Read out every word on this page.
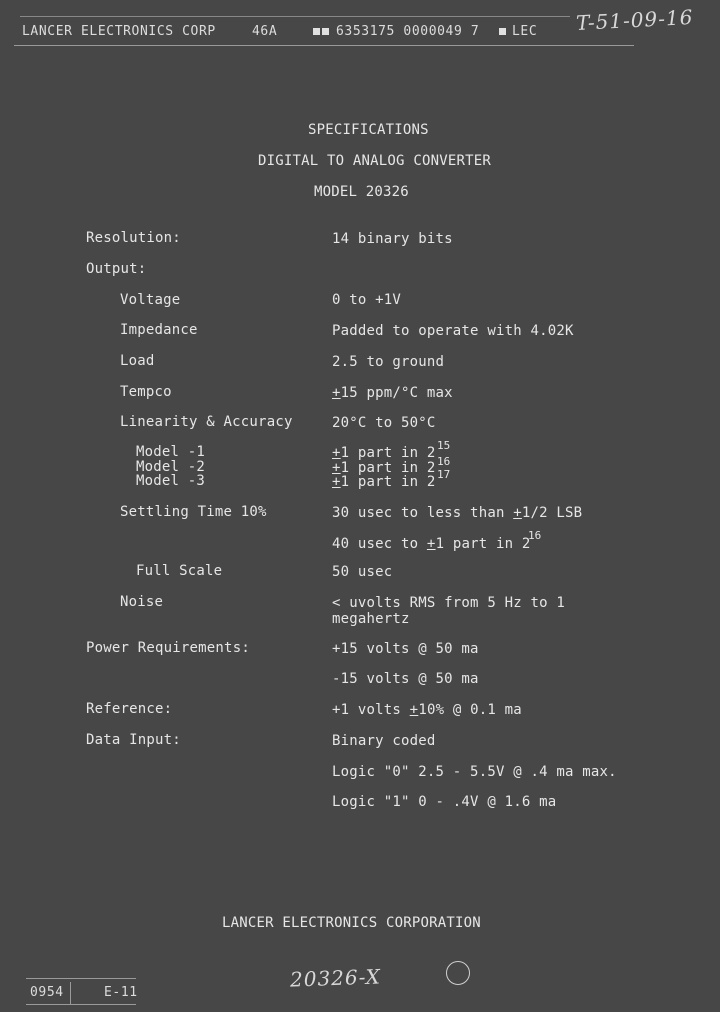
LANCER ELECTRONICS CORP	46A	6353175 0000049 7	LEC T-51-09-16
SPECIFICATIONS
DIGITAL TO ANALOG CONVERTER
MODEL 20326
Resolution:	14 binary bits
Output:
Voltage	0 to +1V
Impedance	Padded to operate with 4.02K
Load	2.5 to ground
Tempco	+15 ppm/°C max
Linearity & Accuracy	20°C to 50°C
Model -1	+1 part in 2 15
Model -2	+1 part in 2 16
Model -3	+1 part in 2 17
Settling Time 10%	30 usec to less than +1/2 LSB
40 usec to +1 part in 2
16
Full Scale	50 usec
Noise	< uvolts RMS from 5 Hz to 1
megahertz
Power Requirements:	+15 volts @ 50 ma
-15 volts @ 50 ma
Reference:	+1 volts +10% @ 0.1 ma
Data Input:	Binary coded
Logic "0" 2.5 - 5.5V @ .4 ma max.
Logic "1" 0 - .4V @ 1.6 ma
LANCER ELECTRONICS CORPORATION
0954	E-11
20326-X
